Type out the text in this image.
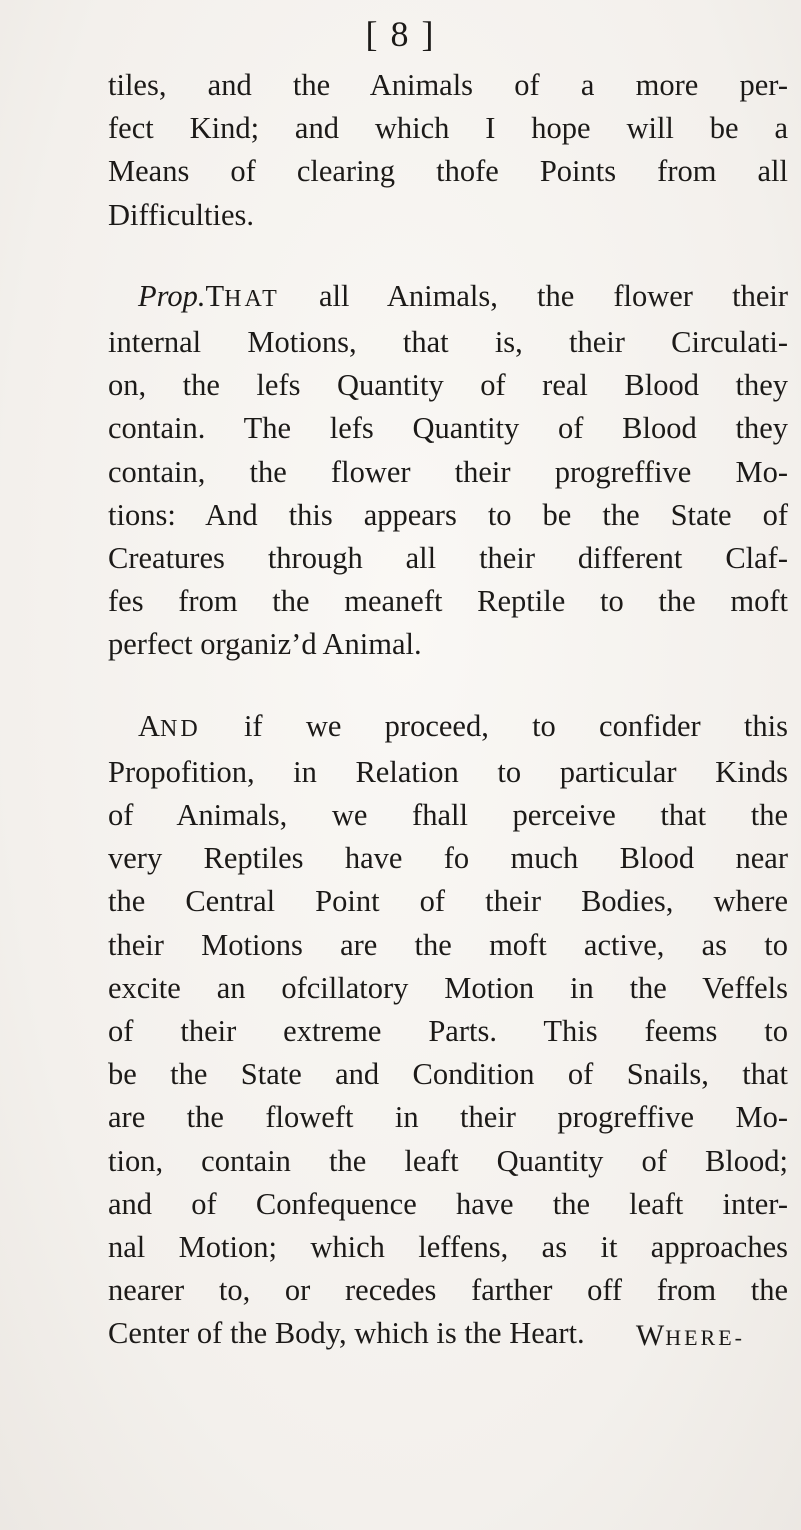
[ 8 ]
tiles, and the Animals of a more per-
fect Kind; and which I hope will be a
Means of clearing thofe Points from all
Difficulties.
Prop.THAT all Animals, the flower their
internal Motions, that is, their Circulati-
on, the lefs Quantity of real Blood they
contain. The lefs Quantity of Blood they
contain, the flower their progreffive Mo-
tions: And this appears to be the State of
Creatures through all their different Claf-
fes from the meaneft Reptile to the moft
perfect organiz’d Animal.
AND if we proceed, to confider this
Propofition, in Relation to particular Kinds
of Animals, we fhall perceive that the
very Reptiles have fo much Blood near
the Central Point of their Bodies, where
their Motions are the moft active, as to
excite an ofcillatory Motion in the Veffels
of their extreme Parts. This feems to
be the State and Condition of Snails, that
are the floweft in their progreffive Mo-
tion, contain the leaft Quantity of Blood;
and of Confequence have the leaft inter-
nal Motion; which leffens, as it approaches
nearer to, or recedes farther off from the
Center of the Body, which is the Heart.	WHERE-
